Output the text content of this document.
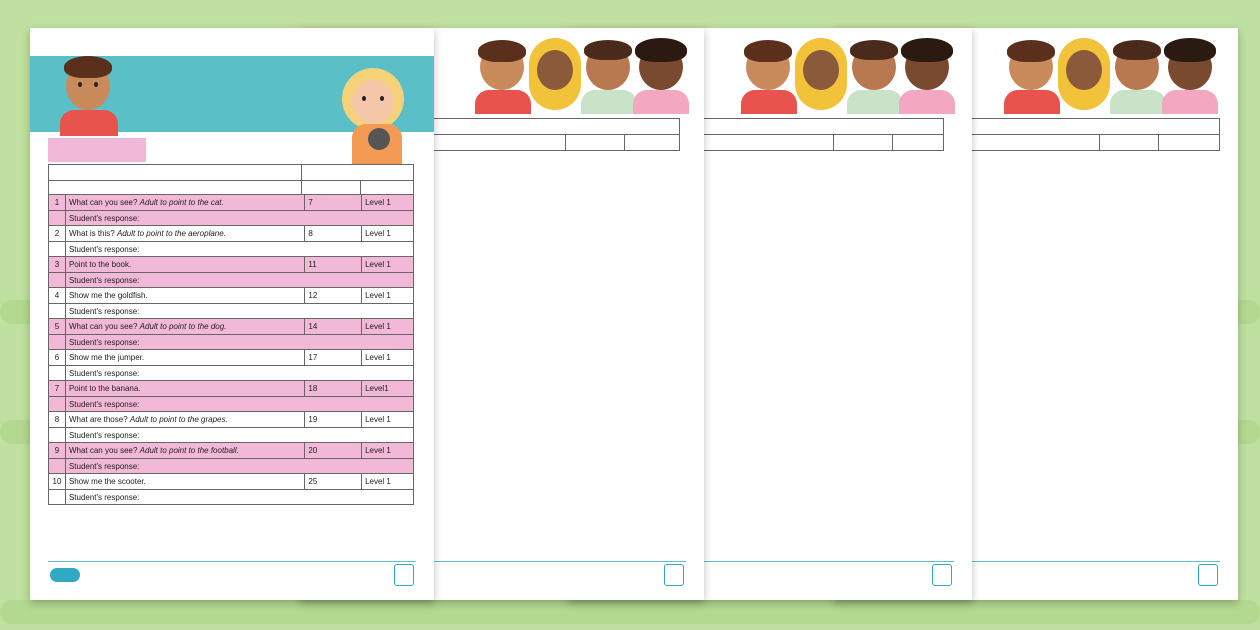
1	What can you see? Adult to point to the cat.	7	Level 1
	Student's response:		
2	What is this? Adult to point to the aeroplane.	8	Level 1
	Student's response:		
3	Point to the book.	11	Level 1
	Student's response:		
4	Show me the goldfish.	12	Level 1
	Student's response:		
5	What can you see? Adult to point to the dog.	14	Level 1
	Student's response:		
6	Show me the jumper.	17	Level 1
	Student's response:		
7	Point to the banana.	18	Level1
	Student's response:		
8	What are those? Adult to point to the grapes.	19	Level 1
	Student's response:		
9	What can you see? Adult to point to the football.	20	Level 1
	Student's response:		
10	Show me the scooter.	25	Level 1
	Student's response:		
